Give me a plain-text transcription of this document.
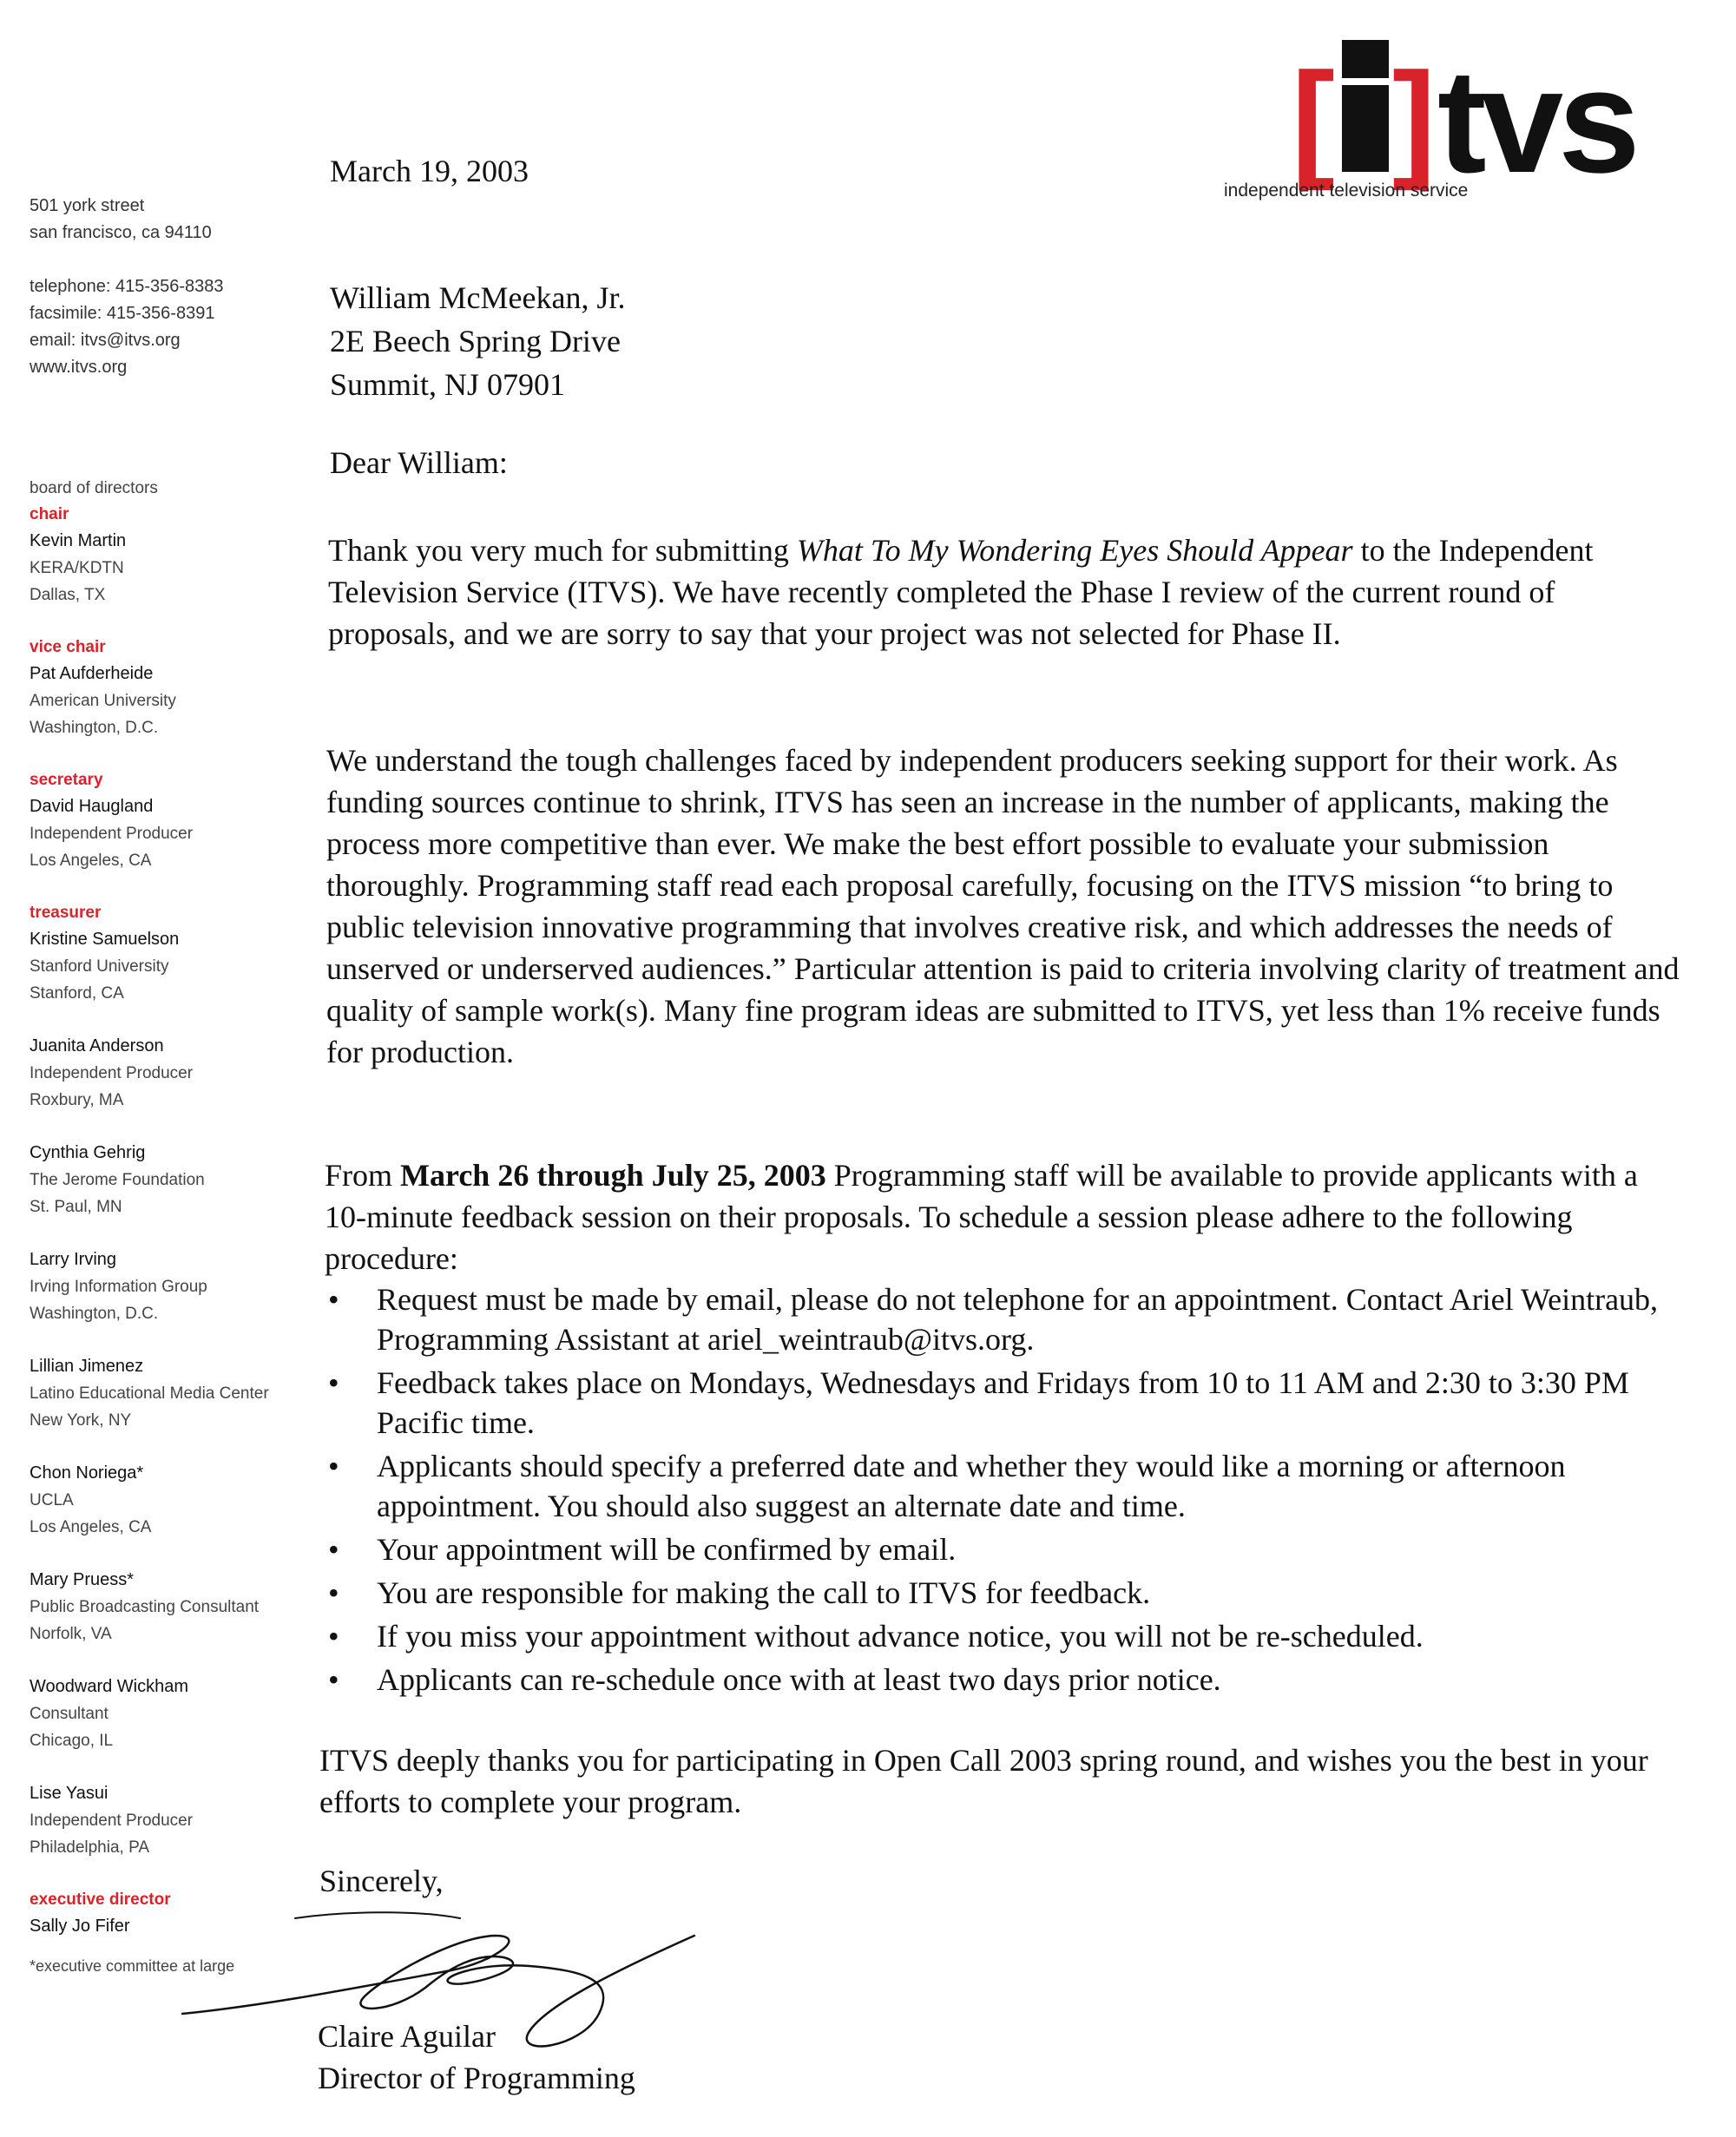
[ ] tvs
independent television service
501 york street
san francisco, ca 94110
telephone: 415-356-8383
facsimile: 415-356-8391
email: itvs@itvs.org
www.itvs.org
board of directors
chair
Kevin Martin
KERA/KDTN
Dallas, TX
vice chair
Pat Aufderheide
American University
Washington, D.C.
secretary
David Haugland
Independent Producer
Los Angeles, CA
treasurer
Kristine Samuelson
Stanford University
Stanford, CA
Juanita Anderson
Independent Producer
Roxbury, MA
Cynthia Gehrig
The Jerome Foundation
St. Paul, MN
Larry Irving
Irving Information Group
Washington, D.C.
Lillian Jimenez
Latino Educational Media Center
New York, NY
Chon Noriega*
UCLA
Los Angeles, CA
Mary Pruess*
Public Broadcasting Consultant
Norfolk, VA
Woodward Wickham
Consultant
Chicago, IL
Lise Yasui
Independent Producer
Philadelphia, PA
executive director
Sally Jo Fifer
*executive committee at large
March 19, 2003
William McMeekan, Jr.
2E Beech Spring Drive
Summit, NJ 07901
Dear William:
Thank you very much for submitting What To My Wondering Eyes Should Appear to the Independent Television Service (ITVS). We have recently completed the Phase I review of the current round of proposals, and we are sorry to say that your project was not selected for Phase II.
We understand the tough challenges faced by independent producers seeking support for their work. As funding sources continue to shrink, ITVS has seen an increase in the number of applicants, making the process more competitive than ever. We make the best effort possible to evaluate your submission thoroughly. Programming staff read each proposal carefully, focusing on the ITVS mission “to bring to public television innovative programming that involves creative risk, and which addresses the needs of unserved or underserved audiences.” Particular attention is paid to criteria involving clarity of treatment and quality of sample work(s). Many fine program ideas are submitted to ITVS, yet less than 1% receive funds for production.
From March 26 through July 25, 2003 Programming staff will be available to provide applicants with a 10-minute feedback session on their proposals. To schedule a session please adhere to the following procedure:
• Request must be made by email, please do not telephone for an appointment. Contact Ariel Weintraub, Programming Assistant at ariel_weintraub@itvs.org.
• Feedback takes place on Mondays, Wednesdays and Fridays from 10 to 11 AM and 2:30 to 3:30 PM Pacific time.
• Applicants should specify a preferred date and whether they would like a morning or afternoon appointment. You should also suggest an alternate date and time.
• Your appointment will be confirmed by email.
• You are responsible for making the call to ITVS for feedback.
• If you miss your appointment without advance notice, you will not be re-scheduled.
• Applicants can re-schedule once with at least two days prior notice.
ITVS deeply thanks you for participating in Open Call 2003 spring round, and wishes you the best in your efforts to complete your program.
Sincerely,
Claire Aguilar
Director of Programming
